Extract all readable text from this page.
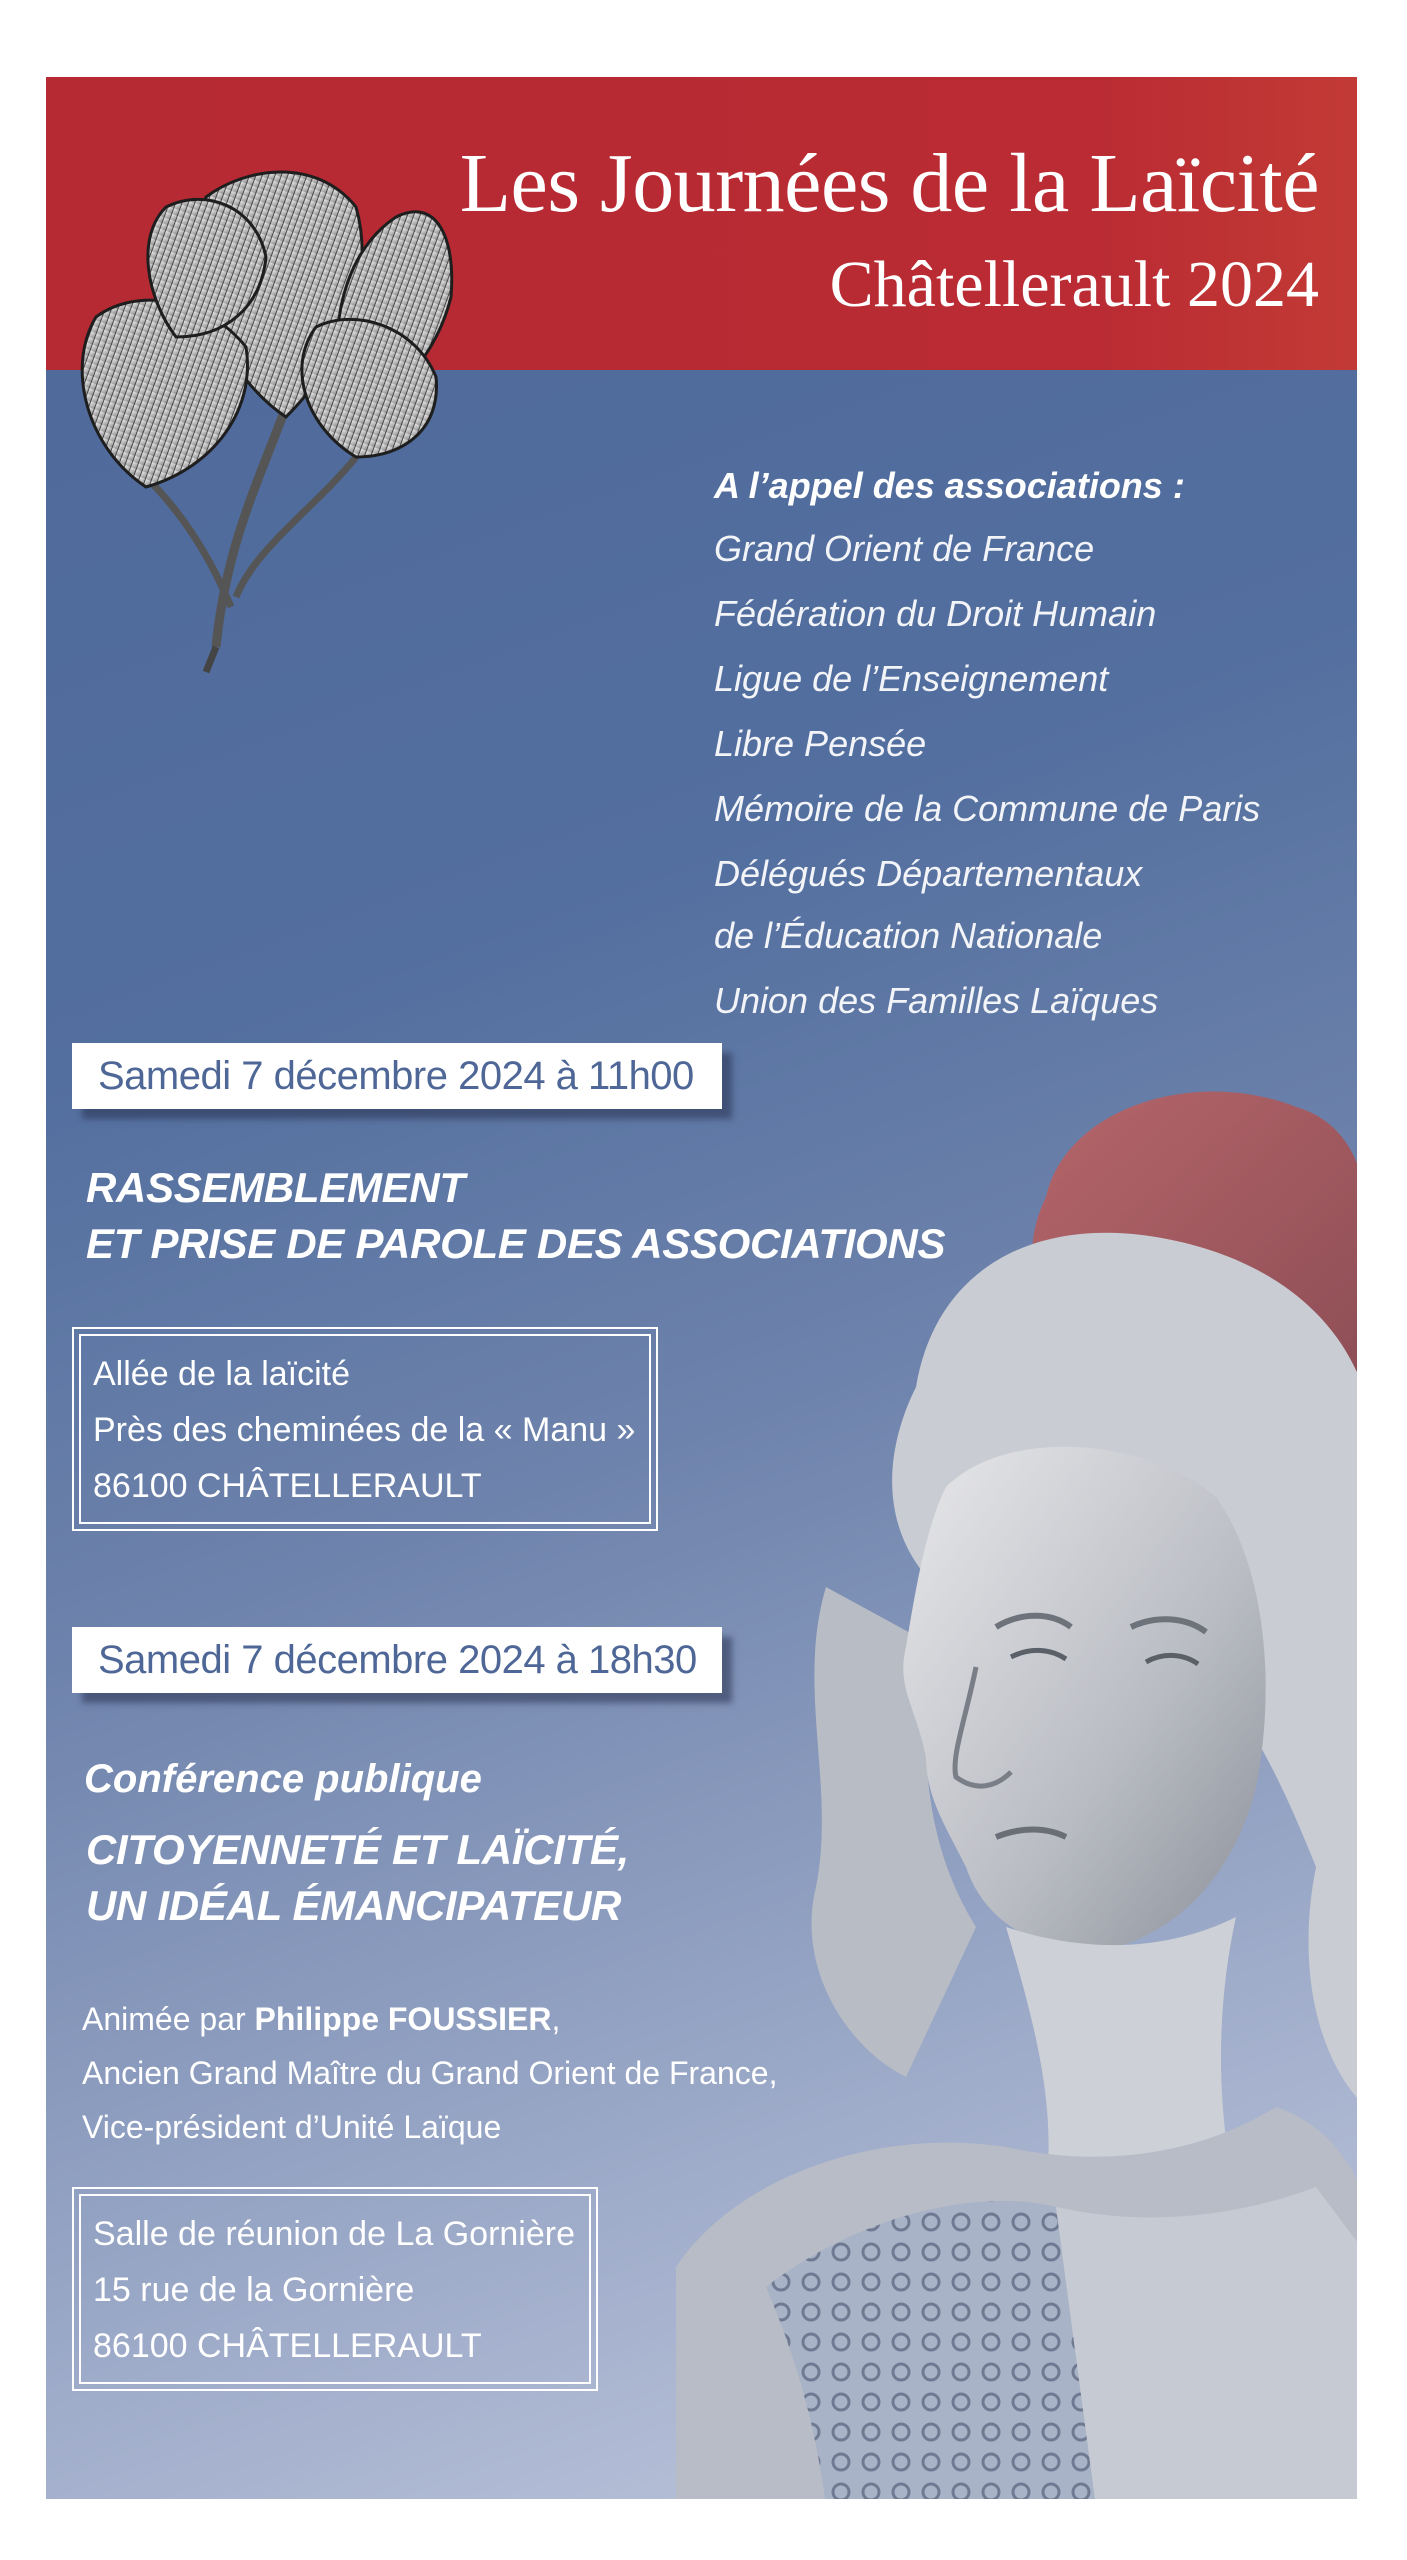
Les Journées de la Laïcité
Châtellerault 2024
A l’appel des associations :
Grand Orient de France
Fédération du Droit Humain
Ligue de l’Enseignement
Libre Pensée
Mémoire de la Commune de Paris
Délégués Départementaux
de l’Éducation Nationale
Union des Familles Laïques
Samedi 7 décembre 2024 à 11h00
RASSEMBLEMENT
ET PRISE DE PAROLE DES ASSOCIATIONS
Allée de la laïcité
Près des cheminées de la « Manu »
86100 CHÂTELLERAULT
Samedi 7 décembre 2024 à 18h30
Conférence publique
CITOYENNETÉ ET LAÏCITÉ,
UN IDÉAL ÉMANCIPATEUR
Animée par Philippe FOUSSIER,
Ancien Grand Maître du Grand Orient de France,
Vice-président d’Unité Laïque
Salle de réunion de La Gornière
15 rue de la Gornière
86100 CHÂTELLERAULT
